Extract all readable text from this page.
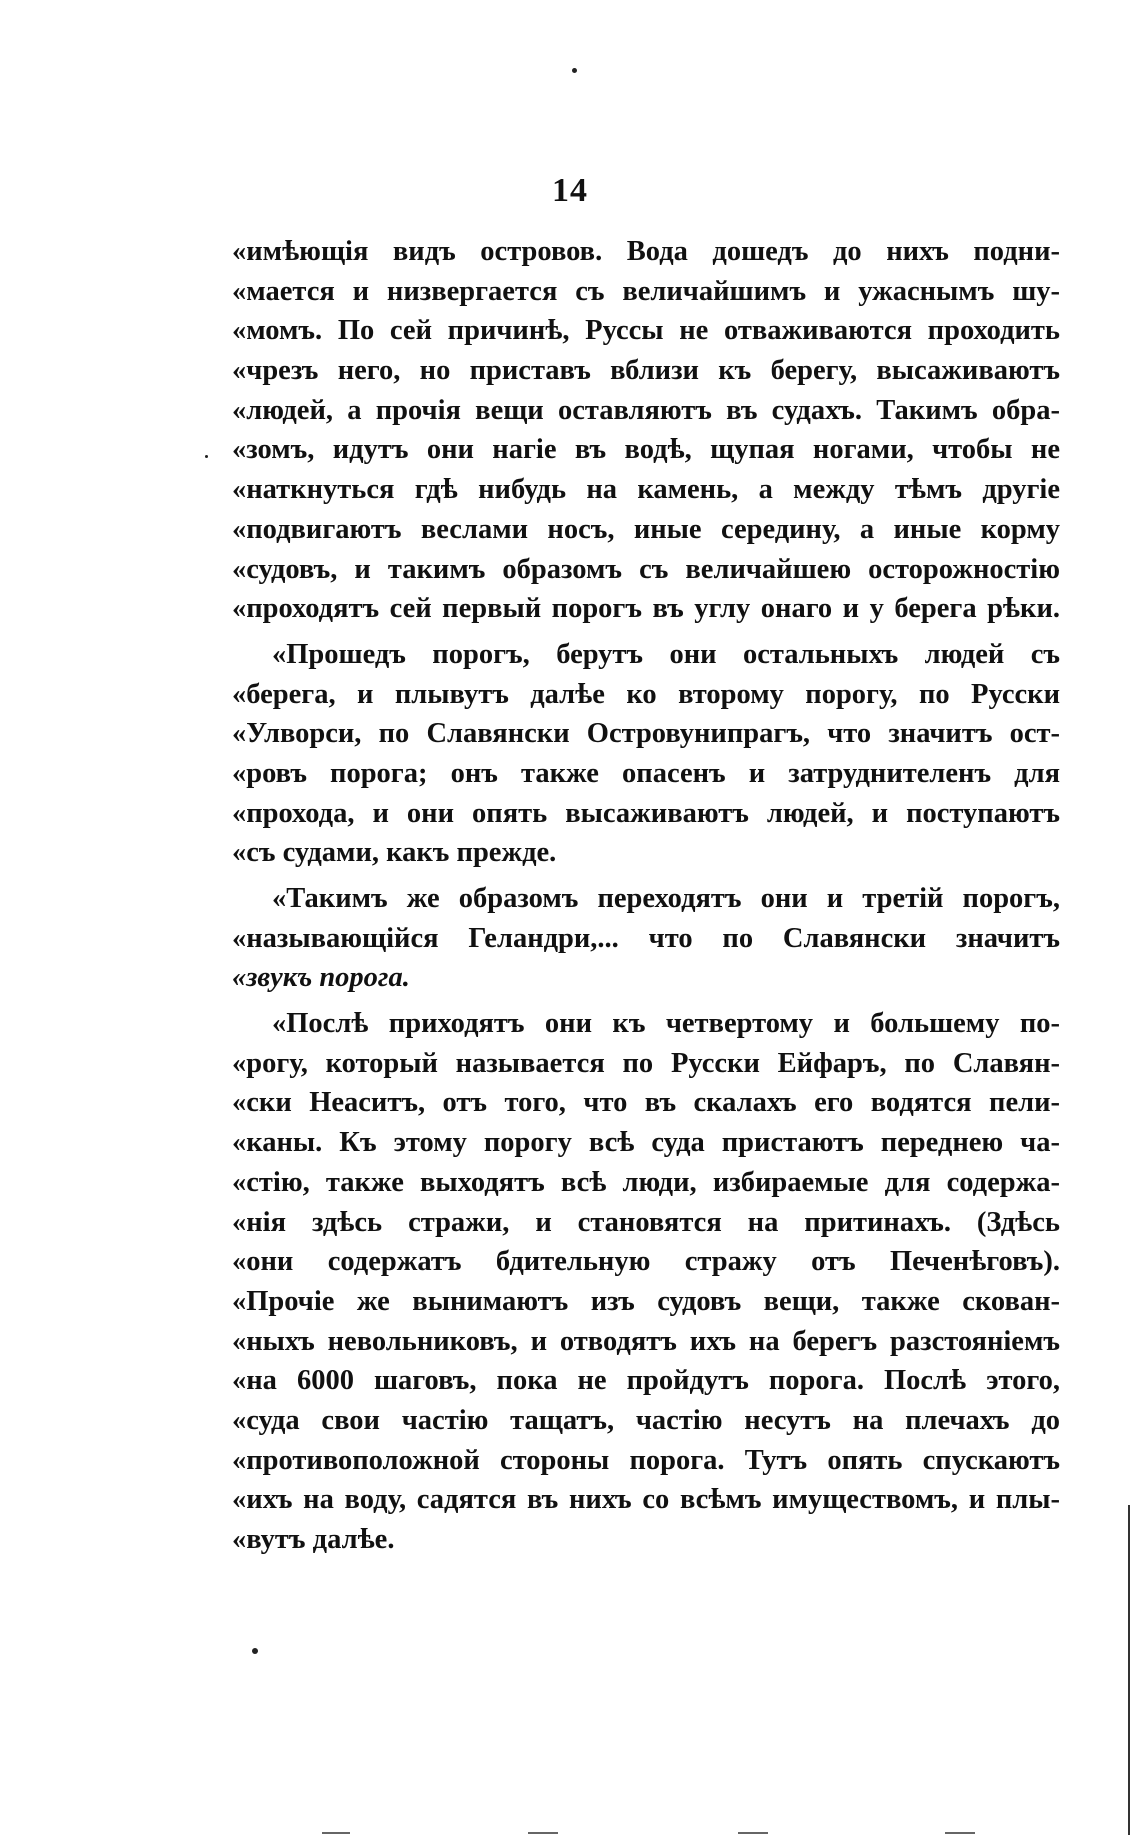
14
«имѣющія видъ островов. Вода дошедъ до нихъ подни-
«мается и низвергается съ величайшимъ и ужаснымъ шу-
«момъ. По сей причинѣ, Руссы не отваживаются проходить
«чрезъ него, но приставъ вблизи къ берегу, высаживаютъ
«людей, а прочія вещи оставляютъ въ судахъ. Такимъ обра-
«зомъ, идутъ они нагіе въ водѣ, щупая ногами, чтобы не
«наткнуться гдѣ нибудь на камень, а между тѣмъ другіе
«подвигаютъ веслами носъ, иные середину, а иные корму
«судовъ, и такимъ образомъ съ величайшею осторожностію
«проходятъ сей первый порогъ въ углу онаго и у берега рѣки.
«Прошедъ порогъ, берутъ они остальныхъ людей съ
«берега, и плывутъ далѣе ко второму порогу, по Русски
«Улворси, по Славянски Островунипрагъ, что значитъ ост-
«ровъ порога; онъ также опасенъ и затруднителенъ для
«прохода, и они опять высаживаютъ людей, и поступаютъ
«съ судами, какъ прежде.
«Такимъ же образомъ переходятъ они и третій порогъ,
«называющійся Геландри,... что по Славянски значитъ
«звукъ порога.
«Послѣ приходятъ они къ четвертому и большему по-
«рогу, который называется по Русски Ейфаръ, по Славян-
«ски Неаситъ, отъ того, что въ скалахъ его водятся пели-
«каны. Къ этому порогу всѣ суда пристаютъ переднею ча-
«стію, также выходятъ всѣ люди, избираемые для содержа-
«нія здѣсь стражи, и становятся на притинахъ. (Здѣсь
«они содержатъ бдительную стражу отъ Печенѣговъ).
«Прочіе же вынимаютъ изъ судовъ вещи, также скован-
«ныхъ невольниковъ, и отводятъ ихъ на берегъ разстояніемъ
«на 6000 шаговъ, пока не пройдутъ порога. Послѣ этого,
«суда свои частію тащатъ, частію несутъ на плечахъ до
«противоположной стороны порога. Тутъ опять спускаютъ
«ихъ на воду, садятся въ нихъ со всѣмъ имуществомъ, и плы-
«вутъ далѣе.
